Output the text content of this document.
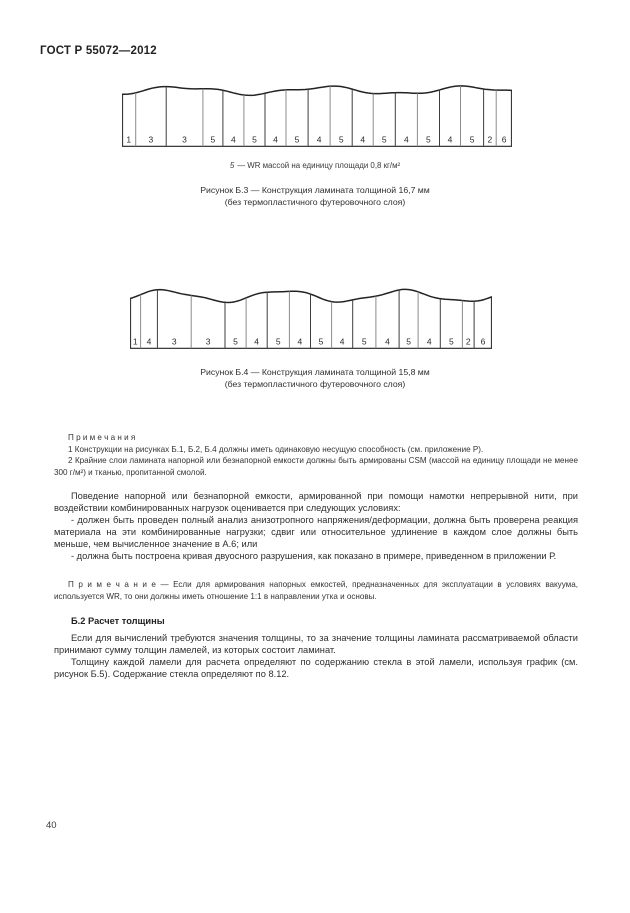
ГОСТ Р 55072—2012
1 3	3	5 4 5 4 5 4 5 4 5 4 5 4 5 2 6
5 — WR массой на единицу площади 0,8 кг/м²
Рисунок Б.3 — Конструкция ламината толщиной 16,7 мм
(без термопластичного футеровочного слоя)
1 4 3	3	5 4 5 4 5 4 5 4 5 4 5 2 6
Рисунок Б.4 — Конструкция ламината толщиной 15,8 мм
(без термопластичного футеровочного слоя)
П р и м е ч а н и я

1 Конструкции на рисунках Б.1, Б.2, Б.4 должны иметь одинаковую несущую способность (см. приложение Р).

2 Крайние слои ламината напорной или безнапорной емкости должны быть армированы CSM (массой на единицу площади не менее 300 г/м²) и тканью, пропитанной смолой.

Поведение напорной или безнапорной емкости, армированной при помощи намотки непрерывной нити, при воздействии комбинированных нагрузок оценивается при следующих условиях:

- должен быть проведен полный анализ анизотропного напряжения/деформации, должна быть проверена реакция материала на эти комбинированные нагрузки; сдвиг или относительное удлинение в каждом слое должны быть меньше, чем вычисленное значение в А.6; или

- должна быть построена кривая двуосного разрушения, как показано в примере, приведенном в приложении Р.

П р и м е ч а н и е — Если для армирования напорных емкостей, предназначенных для эксплуатации в условиях вакуума, используется WR, то они должны иметь отношение 1:1 в направлении утка и основы.

Б.2 Расчет толщины

Если для вычислений требуются значения толщины, то за значение толщины ламината рассматриваемой области принимают сумму толщин ламелей, из которых состоит ламинат.

Толщину каждой ламели для расчета определяют по содержанию стекла в этой ламели, используя график (см. рисунок Б.5). Содержание стекла определяют по 8.12.

40
